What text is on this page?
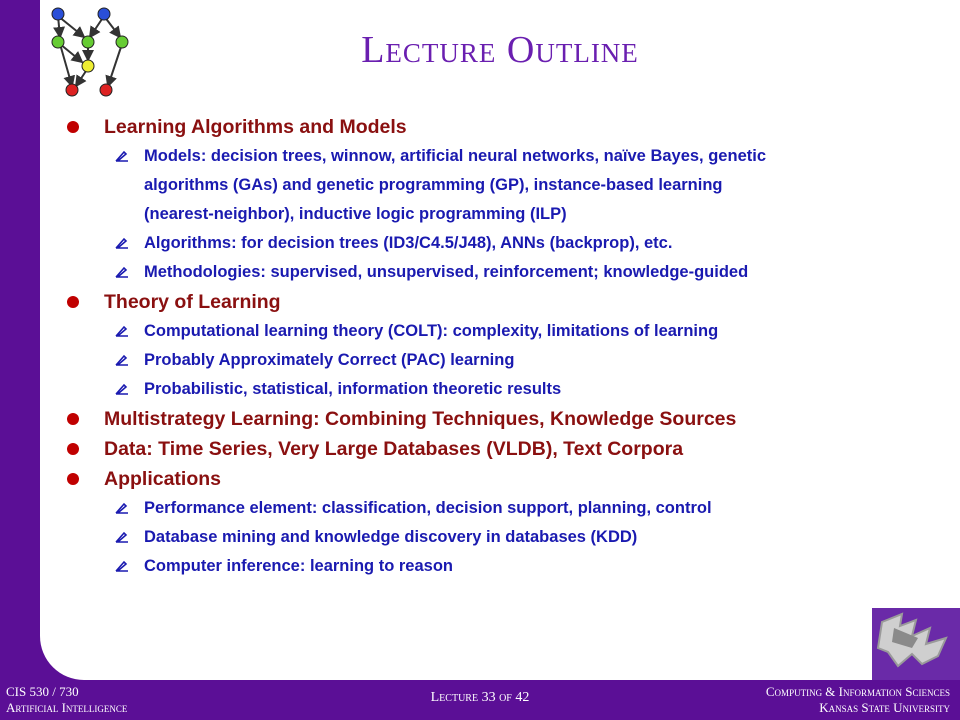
Lecture Outline
Learning Algorithms and Models
Models: decision trees, winnow, artificial neural networks, naïve Bayes, genetic
algorithms (GAs) and genetic programming (GP), instance-based learning
(nearest-neighbor), inductive logic programming (ILP)
Algorithms: for decision trees (ID3/C4.5/J48), ANNs (backprop), etc.
Methodologies: supervised, unsupervised, reinforcement; knowledge-guided
Theory of Learning
Computational learning theory (COLT): complexity, limitations of learning
Probably Approximately Correct (PAC) learning
Probabilistic, statistical, information theoretic results
Multistrategy Learning: Combining Techniques, Knowledge Sources
Data: Time Series, Very Large Databases (VLDB), Text Corpora
Applications
Performance element: classification, decision support, planning, control
Database mining and knowledge discovery in databases (KDD)
Computer inference: learning to reason
CIS 530 / 730
Artificial Intelligence
Lecture 33 of 42	Computing & Information Sciences
Kansas State University
